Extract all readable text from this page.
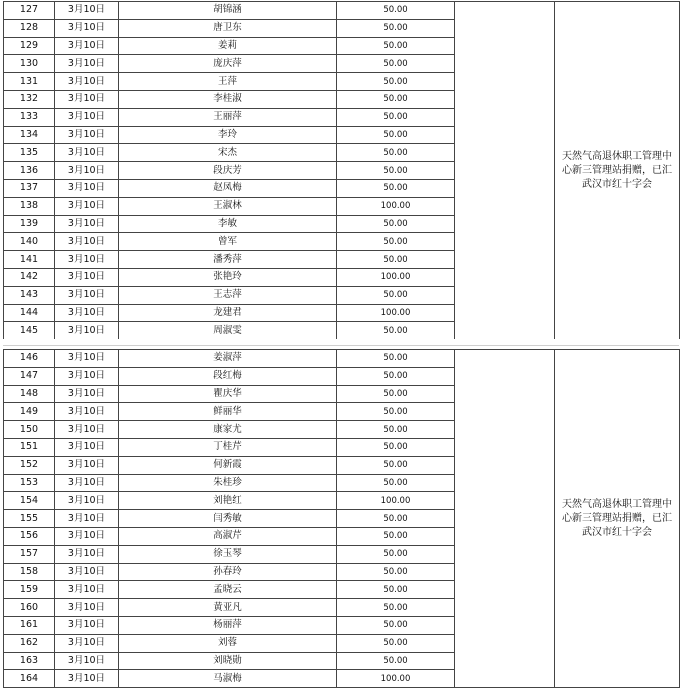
127	3月10日	胡锦涵	50.00		天然气高退休职工管理中心新三管理站捐赠，已汇武汉市红十字会
128	3月10日	唐卫东	50.00		
129	3月10日	姜莉	50.00		
130	3月10日	庞庆萍	50.00		
131	3月10日	王萍	50.00		
132	3月10日	李桂淑	50.00		
133	3月10日	王丽萍	50.00		
134	3月10日	李玲	50.00		
135	3月10日	宋杰	50.00		
136	3月10日	段庆芳	50.00		
137	3月10日	赵凤梅	50.00		
138	3月10日	王淑林	100.00		
139	3月10日	李敏	50.00		
140	3月10日	曾军	50.00		
141	3月10日	潘秀萍	50.00		
142	3月10日	张艳玲	100.00		
143	3月10日	王志萍	50.00		
144	3月10日	龙建君	100.00		
145	3月10日	周淑雯	50.00		
146	3月10日	姜淑萍	50.00		天然气高退休职工管理中心新三管理站捐赠，已汇武汉市红十字会
147	3月10日	段红梅	50.00		
148	3月10日	瞿庆华	50.00		
149	3月10日	鲜丽华	50.00		
150	3月10日	康家尤	50.00		
151	3月10日	丁桂芹	50.00		
152	3月10日	何新霞	50.00		
153	3月10日	朱桂珍	50.00		
154	3月10日	刘艳红	100.00		
155	3月10日	闫秀敏	50.00		
156	3月10日	高淑芹	50.00		
157	3月10日	徐玉琴	50.00		
158	3月10日	孙春玲	50.00		
159	3月10日	孟晓云	50.00		
160	3月10日	黄亚凡	50.00		
161	3月10日	杨丽萍	50.00		
162	3月10日	刘蓉	50.00		
163	3月10日	刘晓勋	50.00		
164	3月10日	马淑梅	100.00		
